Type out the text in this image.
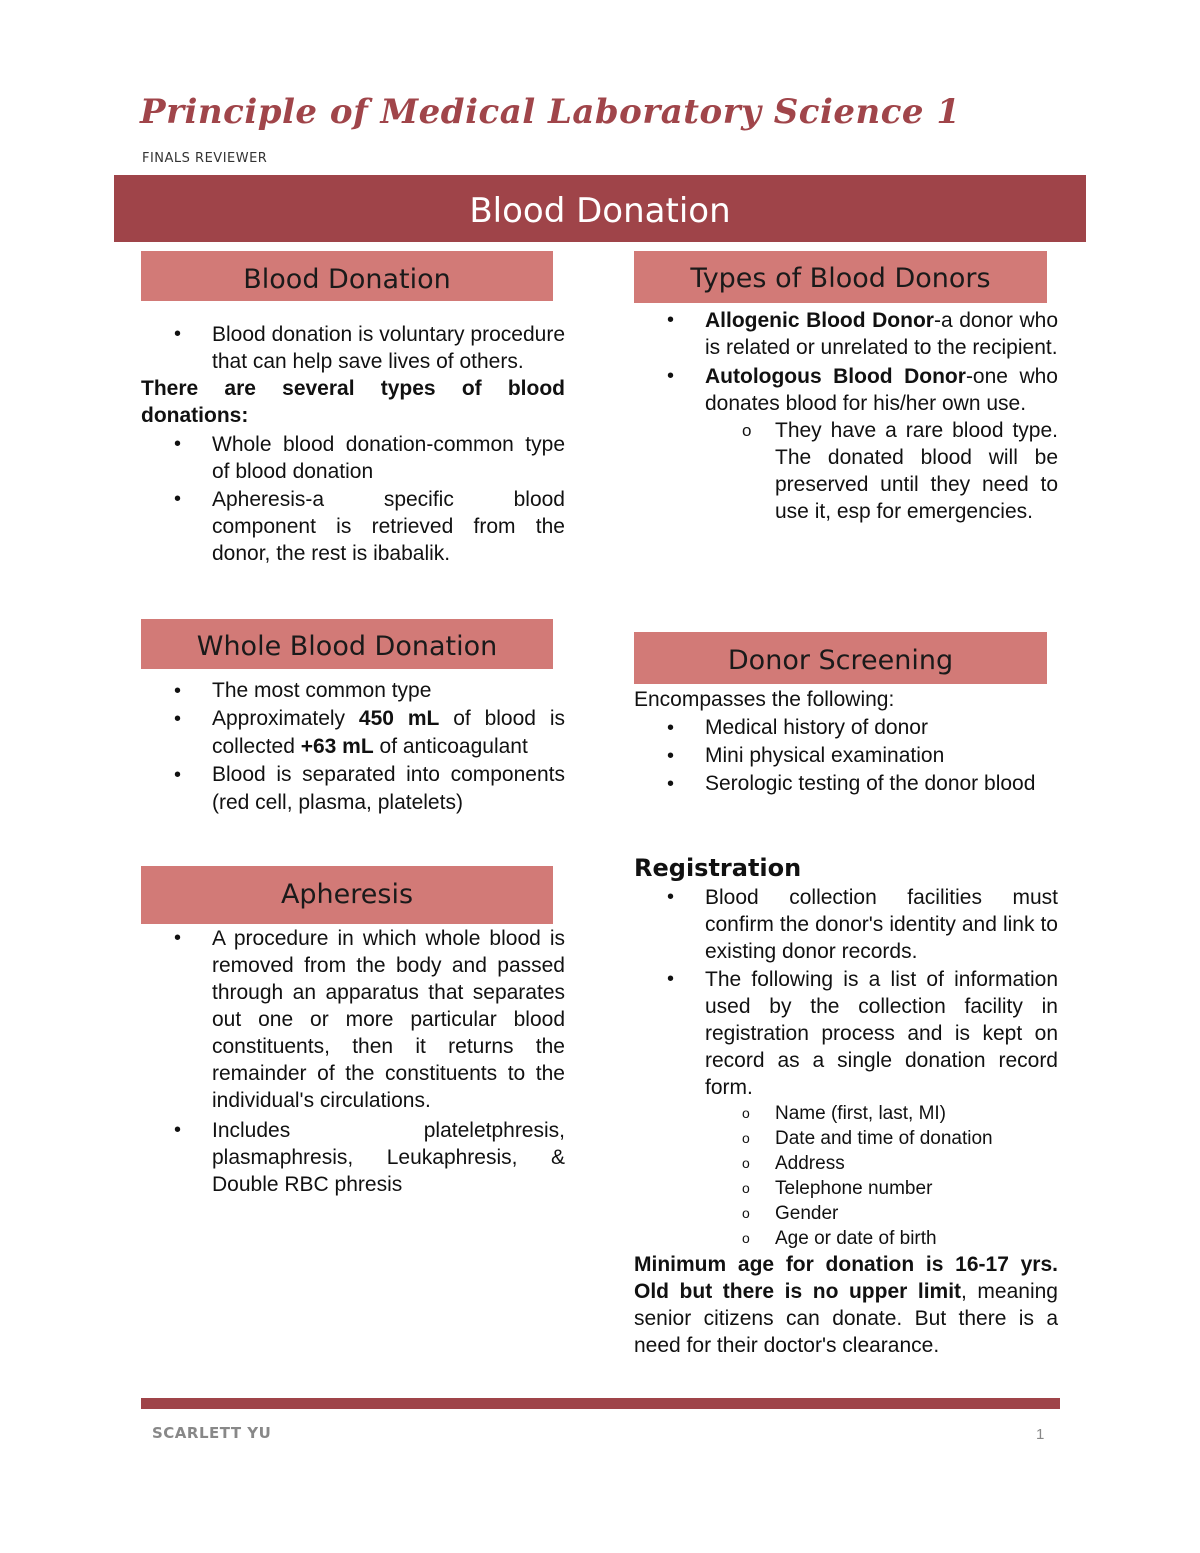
Principle of Medical Laboratory Science 1
FINALS REVIEWER
Blood Donation
Blood Donation
• Blood donation is voluntary procedure that can help save lives of others.
There are several types of blood donations:
• Whole blood donation-common type of blood donation
• Apheresis-a specific blood component is retrieved from the donor, the rest is ibabalik.
Whole Blood Donation
• The most common type
• Approximately 450 mL of blood is collected +63 mL of anticoagulant
• Blood is separated into components (red cell, plasma, platelets)
Apheresis
• A procedure in which whole blood is removed from the body and passed through an apparatus that separates out one or more particular blood constituents, then it returns the remainder of the constituents to the individual's circulations.
• Includes plateletphresis, plasmaphresis, Leukaphresis, & Double RBC phresis
Types of Blood Donors
• Allogenic Blood Donor-a donor who is related or unrelated to the recipient.
• Autologous Blood Donor-one who donates blood for his/her own use.
o They have a rare blood type. The donated blood will be preserved until they need to use it, esp for emergencies.
Donor Screening
Encompasses the following:
• Medical history of donor
• Mini physical examination
• Serologic testing of the donor blood
Registration
• Blood collection facilities must confirm the donor's identity and link to existing donor records.
• The following is a list of information used by the collection facility in registration process and is kept on record as a single donation record form.
o Name (first, last, MI)
o Date and time of donation
o Address
o Telephone number
o Gender
o Age or date of birth
Minimum age for donation is 16-17 yrs. Old but there is no upper limit, meaning senior citizens can donate. But there is a need for their doctor's clearance.
SCARLETT YU	1
